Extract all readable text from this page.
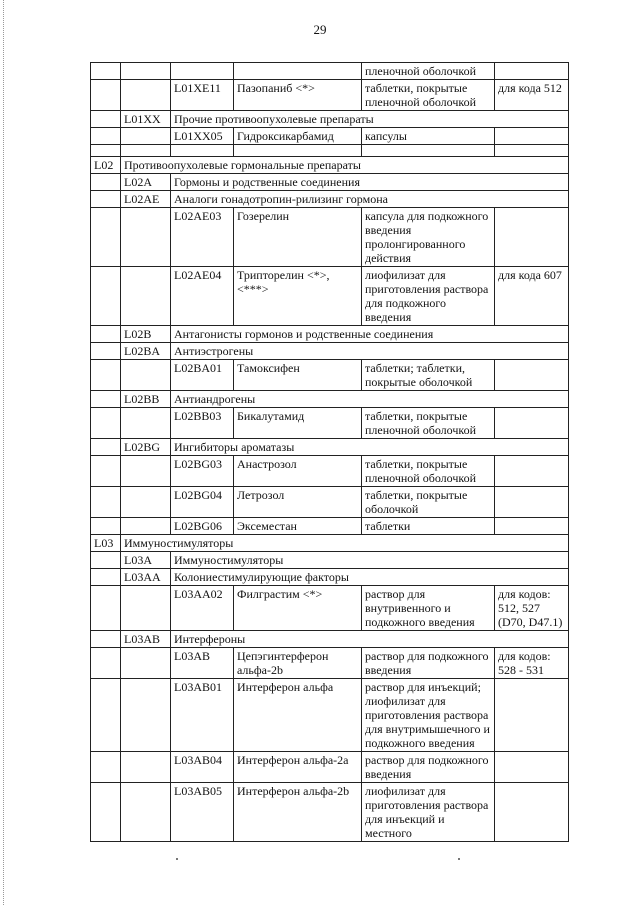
29
				пленочной оболочкой	
		L01XE11	Пазопаниб <*>	таблетки, покрытые пленочной оболочкой	для кода 512
	L01XX	Прочие противоопухолевые препараты			
		L01XX05	Гидроксикарбамид	капсулы	

L02	Противоопухолевые гормональные препараты				
	L02A	Гормоны и родственные соединения			
	L02AE	Аналоги гонадотропин-рилизинг гормона			
		L02AE03	Гозерелин	капсула для подкожного введения пролонгированного действия	
		L02AE04	Трипторелин <*>, <***>	лиофилизат для приготовления раствора для подкожного введения	для кода 607
	L02B	Антагонисты гормонов и родственные соединения			
	L02BA	Антиэстрогены			
		L02BA01	Тамоксифен	таблетки; таблетки, покрытые оболочкой	
	L02BB	Антиандрогены			
		L02BB03	Бикалутамид	таблетки, покрытые пленочной оболочкой	
	L02BG	Ингибиторы ароматазы			
		L02BG03	Анастрозол	таблетки, покрытые пленочной оболочкой	
		L02BG04	Летрозол	таблетки, покрытые оболочкой	
		L02BG06	Эксеместан	таблетки	
L03	Иммуностимуляторы				
	L03A	Иммуностимуляторы			
	L03AA	Колониестимулирующие факторы			
		L03AA02	Филграстим <*>	раствор для внутривенного и подкожного введения	для кодов: 512, 527 (D70, D47.1)
	L03AB	Интерфероны			
		L03AB	Цепэгинтерферон альфа-2b	раствор для подкожного введения	для кодов: 528 - 531
		L03AB01	Интерферон альфа	раствор для инъекций; лиофилизат для приготовления раствора для внутримышечного и подкожного введения	
		L03AB04	Интерферон альфа-2а	раствор для подкожного введения	
		L03AB05	Интерферон альфа-2b	лиофилизат для приготовления раствора для инъекций и местного	
